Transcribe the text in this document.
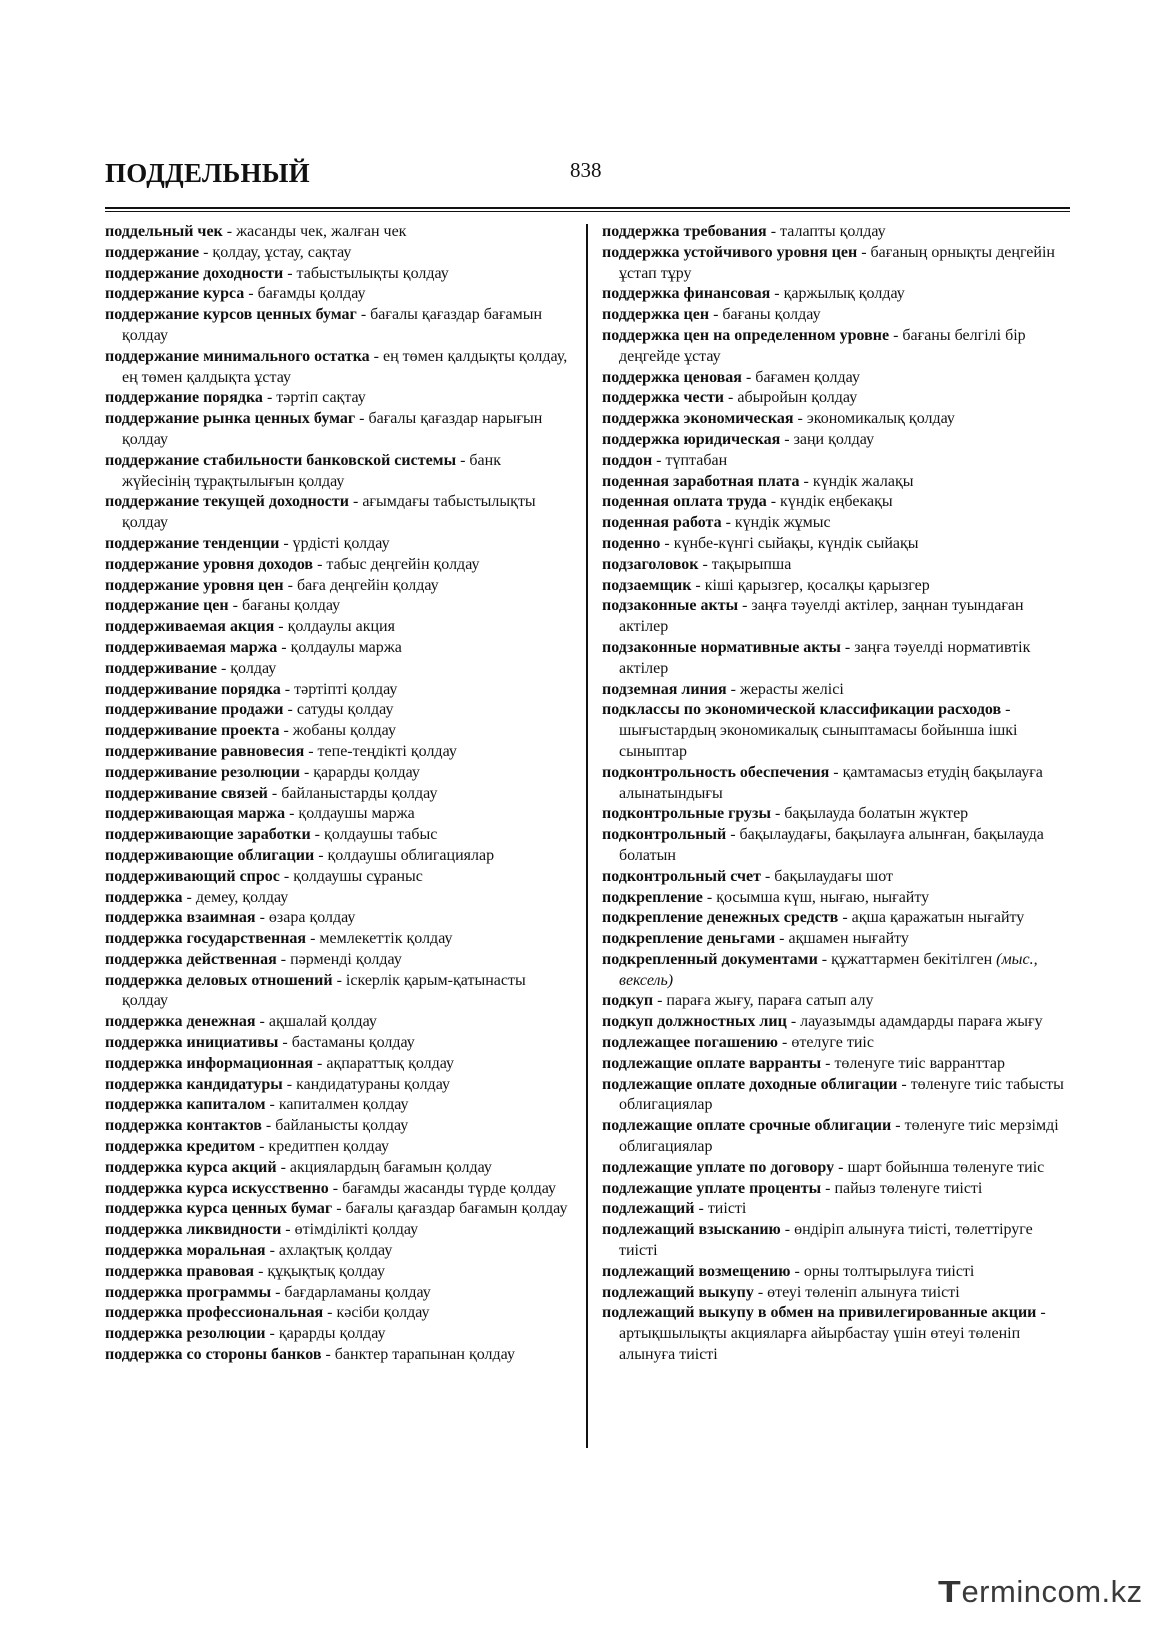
ПОДДЕЛЬНЫЙ	838

поддельный чек - жасанды чек, жалған чек

поддержание - қолдау, ұстау, сақтау

поддержание доходности - табыстылықты қолдау

поддержание курса - бағамды қолдау

поддержание курсов ценных бумаг - бағалы қағаздар бағамын қолдау

поддержание минимального остатка - ең төмен қалдықты қолдау, ең төмен қалдықта ұстау

поддержание порядка - тәртіп сақтау

поддержание рынка ценных бумаг - бағалы қағаздар нарығын қолдау

поддержание стабильности банковской системы - банк жүйесінің тұрақтылығын қолдау

поддержание текущей доходности - ағымдағы табыстылықты қолдау

поддержание тенденции - үрдісті қолдау

поддержание уровня доходов - табыс деңгейін қолдау

поддержание уровня цен - баға деңгейін қолдау

поддержание цен - бағаны қолдау

поддерживаемая акция - қолдаулы акция

поддерживаемая маржа - қолдаулы маржа

поддерживание - қолдау

поддерживание порядка - тәртіпті қолдау

поддерживание продажи - сатуды қолдау

поддерживание проекта - жобаны қолдау

поддерживание равновесия - тепе-теңдікті қолдау

поддерживание резолюции - қарарды қолдау

поддерживание связей - байланыстарды қолдау

поддерживающая маржа - қолдаушы маржа

поддерживающие заработки - қолдаушы табыс

поддерживающие облигации - қолдаушы облигациялар

поддерживающий спрос - қолдаушы сұраныс

поддержка - демеу, қолдау

поддержка взаимная - өзара қолдау

поддержка государственная - мемлекеттік қолдау

поддержка действенная - пәрменді қолдау

поддержка деловых отношений - іскерлік қарым-қатынасты қолдау

поддержка денежная - ақшалай қолдау

поддержка инициативы - бастаманы қолдау

поддержка информационная - ақпараттық қолдау

поддержка кандидатуры - кандидатураны қолдау

поддержка капиталом - капиталмен қолдау

поддержка контактов - байланысты қолдау

поддержка кредитом - кредитпен қолдау

поддержка курса акций - акциялардың бағамын қолдау

поддержка курса искусственно - бағамды жасанды түрде қолдау

поддержка курса ценных бумаг - бағалы қағаздар бағамын қолдау

поддержка ликвидности - өтімділікті қолдау

поддержка моральная - ахлақтық қолдау

поддержка правовая - құқықтық қолдау

поддержка программы - бағдарламаны қолдау

поддержка профессиональная - кәсіби қолдау

поддержка резолюции - қарарды қолдау

поддержка со стороны банков - банктер тарапынан қолдау

поддержка требования - талапты қолдау

поддержка устойчивого уровня цен - бағаның орнықты деңгейін ұстап тұру

поддержка финансовая - қаржылық қолдау

поддержка цен - бағаны қолдау

поддержка цен на определенном уровне - бағаны белгілі бір деңгейде ұстау

поддержка ценовая - бағамен қолдау

поддержка чести - абыройын қолдау

поддержка экономическая - экономикалық қолдау

поддержка юридическая - заңи қолдау

поддон - түптабан

поденная заработная плата - күндік жалақы

поденная оплата труда - күндік еңбекақы

поденная работа - күндік жұмыс

поденно - күнбе-күнгі сыйақы, күндік сыйақы

подзаголовок - тақырыпша

подзаемщик - кіші қарызгер, қосалқы қарызгер

подзаконные акты - заңға тәуелді актілер, заңнан туындаған актілер

подзаконные нормативные акты - заңға тәуелді нормативтік актілер

подземная линия - жерасты желісі

подклассы по экономической классификации расходов - шығыстардың экономикалық сыныптамасы бойынша ішкі сыныптар

подконтрольность обеспечения - қамтамасыз етудің бақылауға алынатындығы

подконтрольные грузы - бақылауда болатын жүктер

подконтрольный - бақылаудағы, бақылауға алынған, бақылауда болатын

подконтрольный счет - бақылаудағы шот

подкрепление - қосымша күш, нығаю, нығайту

подкрепление денежных средств - ақша қаражатын нығайту

подкрепление деньгами - ақшамен нығайту

подкрепленный документами - құжаттармен бекітілген (мыс., вексель)

подкуп - параға жығу, параға сатып алу

подкуп должностных лиц - лауазымды адамдарды параға жығу

подлежащее погашению - өтелуге тиіс

подлежащие оплате варранты - төленуге тиіс варранттар

подлежащие оплате доходные облигации - төленуге тиіс табысты облигациялар

подлежащие оплате срочные облигации - төленуге тиіс мерзімді облигациялар

подлежащие уплате по договору - шарт бойынша төленуге тиіс

подлежащие уплате проценты - пайыз төленуге тиісті

подлежащий - тиісті

подлежащий взысканию - өндіріп алынуға тиісті, төлеттіруге тиісті

подлежащий возмещению - орны толтырылуға тиісті

подлежащий выкупу - өтеуі төленіп алынуға тиісті

подлежащий выкупу в обмен на привилегированные акции - артықшылықты акцияларға айырбастау үшін өтеуі төленіп алынуға тиісті

Termincom.kz
